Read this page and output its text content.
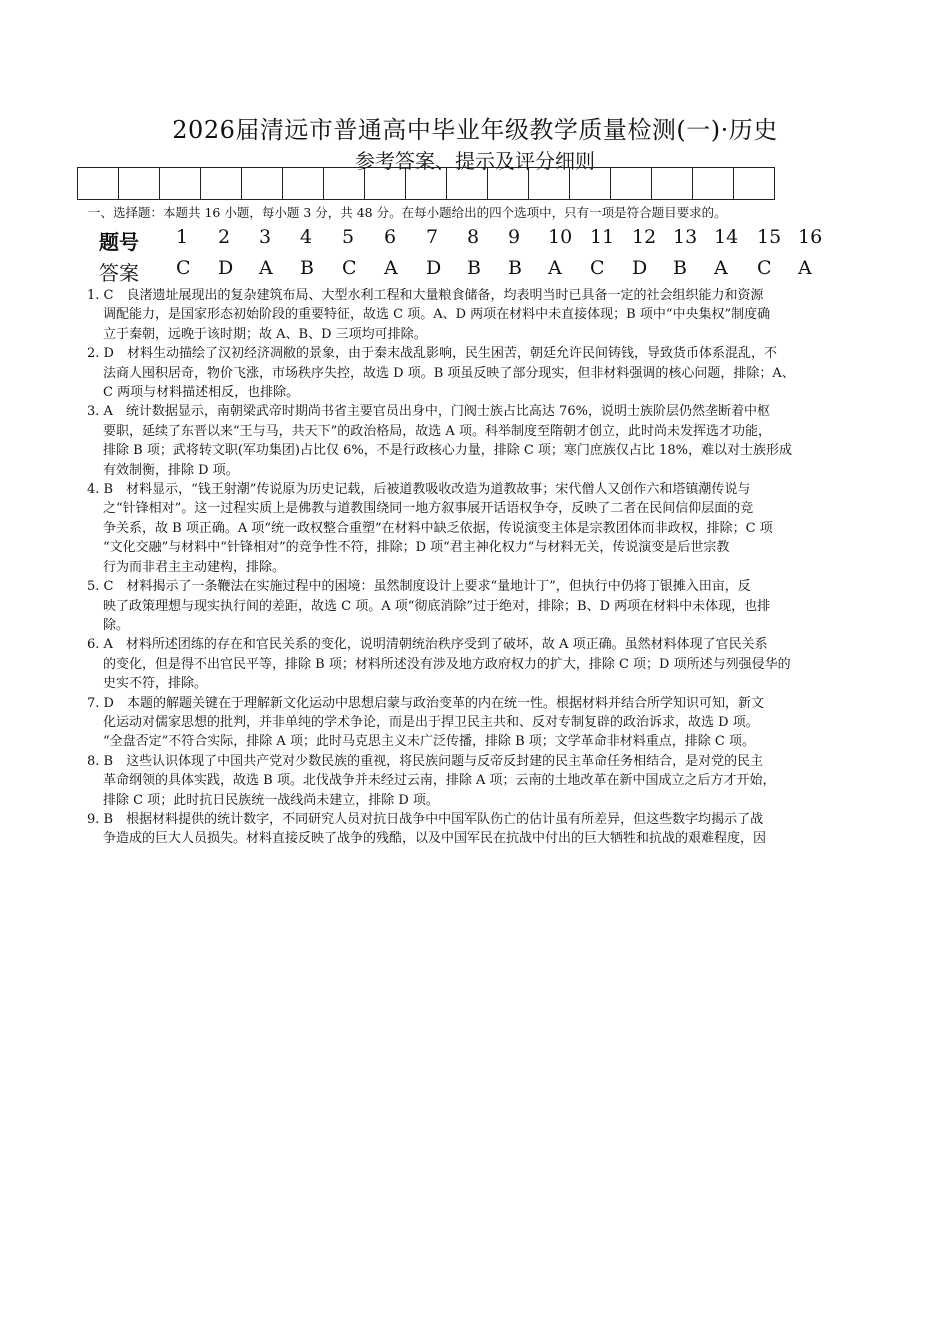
2026届清远市普通高中毕业年级教学质量检测(一)·历史
参考答案、提示及评分细则

一、选择题：本题共 16 小题，每小题 3 分，共 48 分。在每小题给出的四个选项中，只有一项是符合题目要求的。
题号 1 2 3 4 5 6 7 8 9 10 11 12 13 14 15 16
答案 C D A B C A D B B A C D B A C A

1. C　良渚遗址展现出的复杂建筑布局、大型水利工程和大量粮食储备，均表明当时已具备一定的社会组织能力和资源

调配能力，是国家形态初始阶段的重要特征，故选 C 项。A、D 两项在材料中未直接体现；B 项中“中央集权”制度确

立于秦朝，远晚于该时期；故 A、B、D 三项均可排除。

2. D　材料生动描绘了汉初经济凋敝的景象，由于秦末战乱影响，民生困苦，朝廷允许民间铸钱，导致货币体系混乱，不

法商人囤积居奇，物价飞涨，市场秩序失控，故选 D 项。B 项虽反映了部分现实，但非材料强调的核心问题，排除；A、

C 两项与材料描述相反，也排除。

3. A　统计数据显示，南朝梁武帝时期尚书省主要官员出身中，门阀士族占比高达 76%，说明士族阶层仍然垄断着中枢

要职，延续了东晋以来“王与马，共天下”的政治格局，故选 A 项。科举制度至隋朝才创立，此时尚未发挥选才功能，

排除 B 项；武将转文职(军功集团)占比仅 6%，不是行政核心力量，排除 C 项；寒门庶族仅占比 18%，难以对士族形成

有效制衡，排除 D 项。

4. B　材料显示，“钱王射潮”传说原为历史记载，后被道教吸收改造为道教故事；宋代僧人又创作六和塔镇潮传说与

之“针锋相对”。这一过程实质上是佛教与道教围绕同一地方叙事展开话语权争夺，反映了二者在民间信仰层面的竞

争关系，故 B 项正确。A 项“统一政权整合重塑”在材料中缺乏依据，传说演变主体是宗教团体而非政权，排除；C 项

“文化交融”与材料中“针锋相对”的竞争性不符，排除；D 项“君主神化权力”与材料无关，传说演变是后世宗教

行为而非君主主动建构，排除。

5. C　材料揭示了一条鞭法在实施过程中的困境：虽然制度设计上要求“量地计丁”，但执行中仍将丁银摊入田亩，反

映了政策理想与现实执行间的差距，故选 C 项。A 项“彻底消除”过于绝对，排除；B、D 两项在材料中未体现，也排

除。

6. A　材料所述团练的存在和官民关系的变化，说明清朝统治秩序受到了破坏，故 A 项正确。虽然材料体现了官民关系

的变化，但是得不出官民平等，排除 B 项；材料所述没有涉及地方政府权力的扩大，排除 C 项；D 项所述与列强侵华的

史实不符，排除。

7. D　本题的解题关键在于理解新文化运动中思想启蒙与政治变革的内在统一性。根据材料并结合所学知识可知，新文

化运动对儒家思想的批判，并非单纯的学术争论，而是出于捍卫民主共和、反对专制复辟的政治诉求，故选 D 项。

“全盘否定”不符合实际，排除 A 项；此时马克思主义未广泛传播，排除 B 项；文学革命非材料重点，排除 C 项。

8. B　这些认识体现了中国共产党对少数民族的重视，将民族问题与反帝反封建的民主革命任务相结合，是对党的民主

革命纲领的具体实践，故选 B 项。北伐战争并未经过云南，排除 A 项；云南的土地改革在新中国成立之后方才开始，

排除 C 项；此时抗日民族统一战线尚未建立，排除 D 项。

9. B　根据材料提供的统计数字，不同研究人员对抗日战争中中国军队伤亡的估计虽有所差异，但这些数字均揭示了战

争造成的巨大人员损失。材料直接反映了战争的残酷，以及中国军民在抗战中付出的巨大牺牲和抗战的艰难程度，因
